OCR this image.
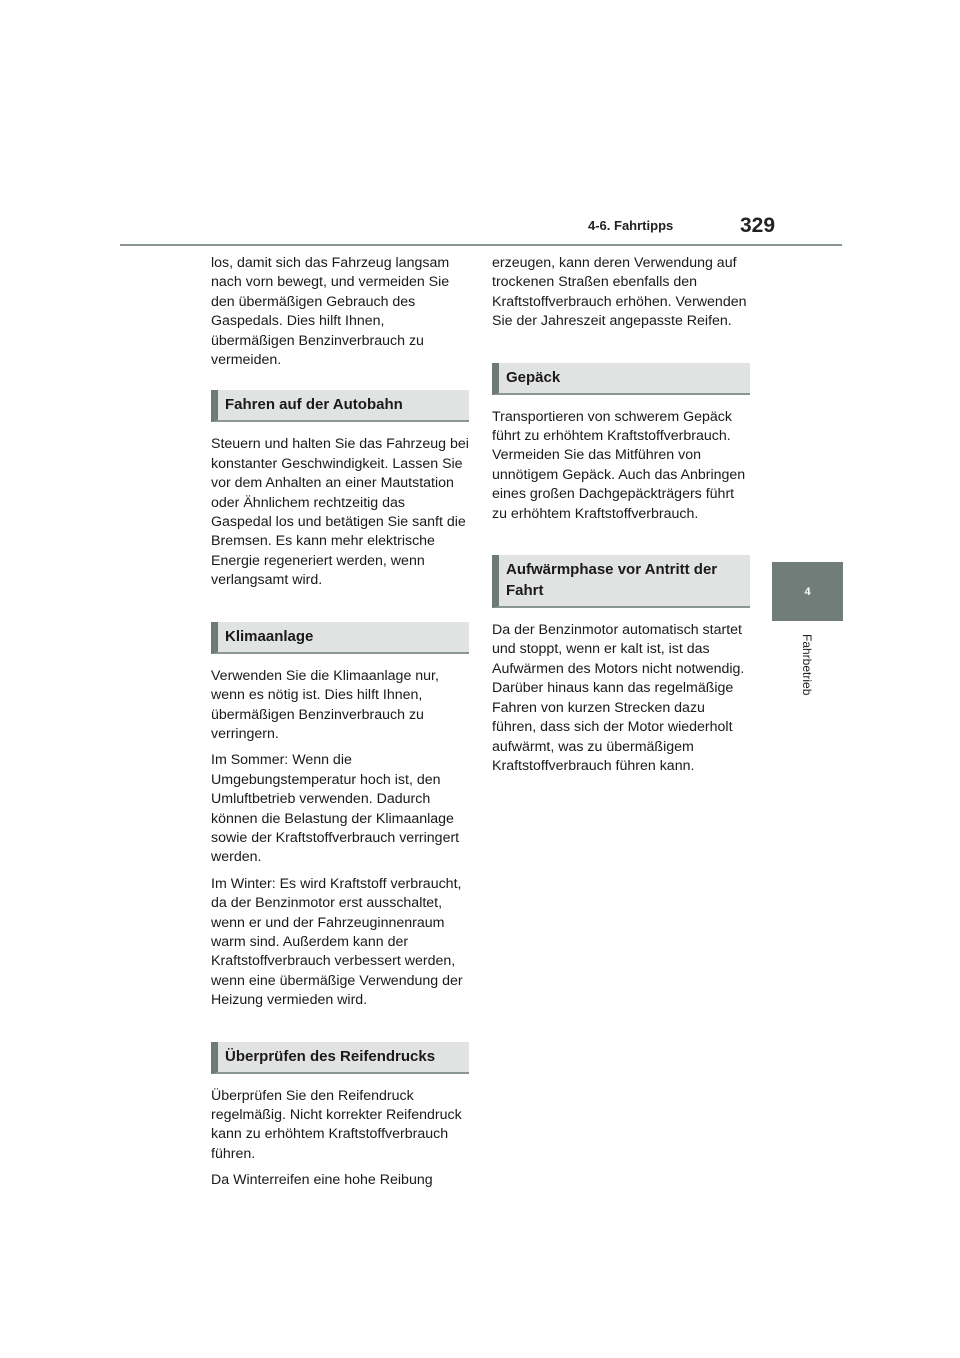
4-6. Fahrtipps	329
4
Fahrbetrieb

los, damit sich das Fahrzeug langsam nach vorn bewegt, und vermeiden Sie den übermäßigen Gebrauch des Gaspedals. Dies hilft Ihnen, übermäßigen Benzinverbrauch zu vermeiden.

Fahren auf der Autobahn

Steuern und halten Sie das Fahrzeug bei konstanter Geschwindigkeit. Lassen Sie vor dem Anhalten an einer Mautstation oder Ähnlichem rechtzeitig das Gaspedal los und betätigen Sie sanft die Bremsen. Es kann mehr elektrische Energie regeneriert werden, wenn verlangsamt wird.

Klimaanlage

Verwenden Sie die Klimaanlage nur, wenn es nötig ist. Dies hilft Ihnen, übermäßigen Benzinverbrauch zu verringern.

Im Sommer: Wenn die Umgebungstemperatur hoch ist, den Umluftbetrieb verwenden. Dadurch können die Belastung der Klimaanlage sowie der Kraftstoffverbrauch verringert werden.

Im Winter: Es wird Kraftstoff verbraucht, da der Benzinmotor erst ausschaltet, wenn er und der Fahrzeuginnenraum warm sind. Außerdem kann der Kraftstoffverbrauch verbessert werden, wenn eine übermäßige Verwendung der Heizung vermieden wird.

Überprüfen des Reifendrucks

Überprüfen Sie den Reifendruck regelmäßig. Nicht korrekter Reifendruck kann zu erhöhtem Kraftstoffverbrauch führen.

Da Winterreifen eine hohe Reibung

erzeugen, kann deren Verwendung auf trockenen Straßen ebenfalls den Kraftstoffverbrauch erhöhen. Verwenden Sie der Jahreszeit angepasste Reifen.

Gepäck

Transportieren von schwerem Gepäck führt zu erhöhtem Kraftstoffverbrauch. Vermeiden Sie das Mitführen von unnötigem Gepäck. Auch das Anbringen eines großen Dachgepäckträgers führt zu erhöhtem Kraftstoffverbrauch.

Aufwärmphase vor Antritt der Fahrt

Da der Benzinmotor automatisch startet und stoppt, wenn er kalt ist, ist das Aufwärmen des Motors nicht notwendig. Darüber hinaus kann das regelmäßige Fahren von kurzen Strecken dazu führen, dass sich der Motor wiederholt aufwärmt, was zu übermäßigem Kraftstoffverbrauch führen kann.
